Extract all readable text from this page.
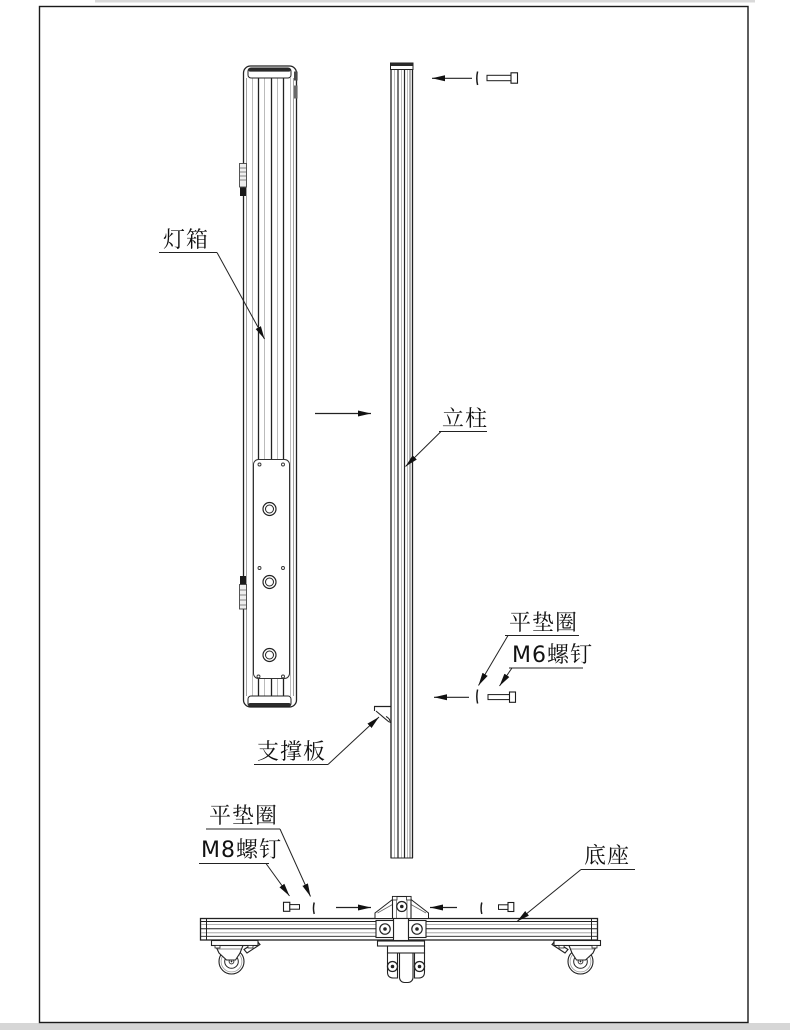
灯箱
立柱
支撑板
平垫圈
M6螺钉
平垫圈
M8螺钉	底座
